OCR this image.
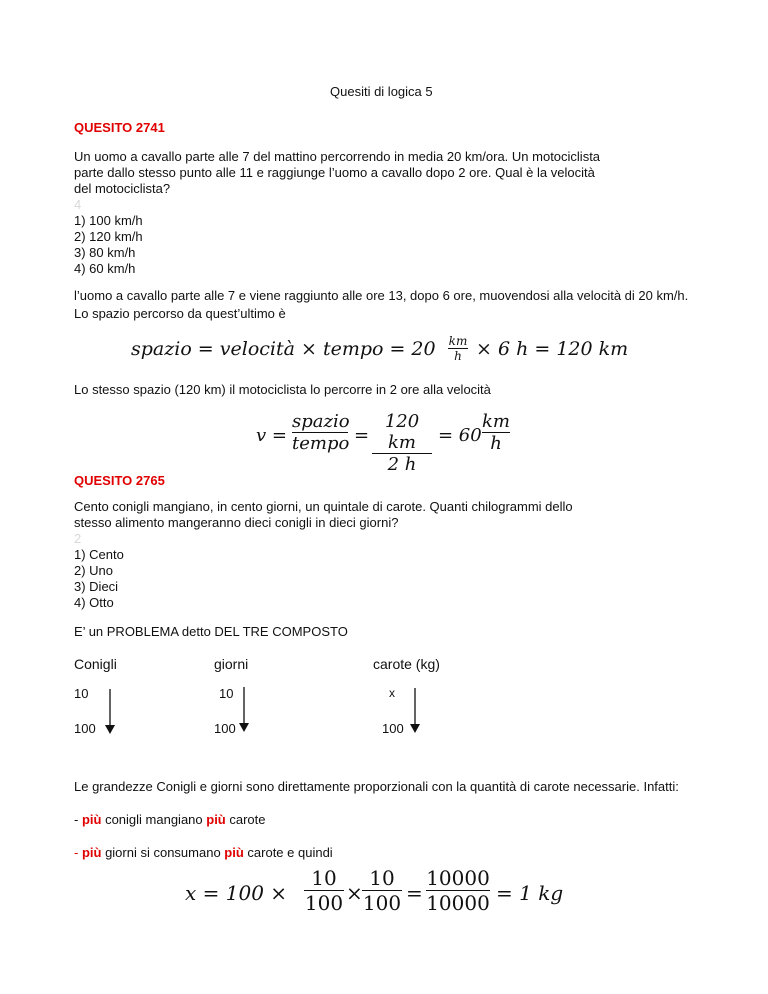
Quesiti di logica 5
QUESITO 2741
Un uomo a cavallo parte alle 7 del mattino percorrendo in media 20 km/ora. Un motociclista
parte dallo stesso punto alle 11 e raggiunge l’uomo a cavallo dopo 2 ore. Qual è la velocità
del motociclista?
4
1) 100 km/h
2) 120 km/h
3) 80 km/h
4) 60 km/h
l’uomo a cavallo parte alle 7 e viene raggiunto alle ore 13, dopo 6 ore, muovendosi alla velocità di 20 km/h.
Lo spazio percorso da quest’ultimo è
spazio = velocità × tempo = 20 km
h × 6 h = 120 km
Lo stesso spazio (120 km) il motociclista lo percorre in 2 ore alla velocità
v =
spazio
tempo =
120 km
2 h
= 60
km
h
QUESITO 2765
Cento conigli mangiano, in cento giorni, un quintale di carote. Quanti chilogrammi dello
stesso alimento mangeranno dieci conigli in dieci giorni?
2
1) Cento
2) Uno
3) Dieci
4) Otto
E’ un PROBLEMA detto DEL TRE COMPOSTO
Conigli	giorni	carote (kg)
10	10	x
100	100	100
Le grandezze Conigli e giorni sono direttamente proporzionali con la quantità di carote necessarie. Infatti:
- più conigli mangiano più carote
- più giorni si consumano più carote e quindi
x = 100 ×
10
100 ×
10
100 =
10000
10000 = 1 kg
